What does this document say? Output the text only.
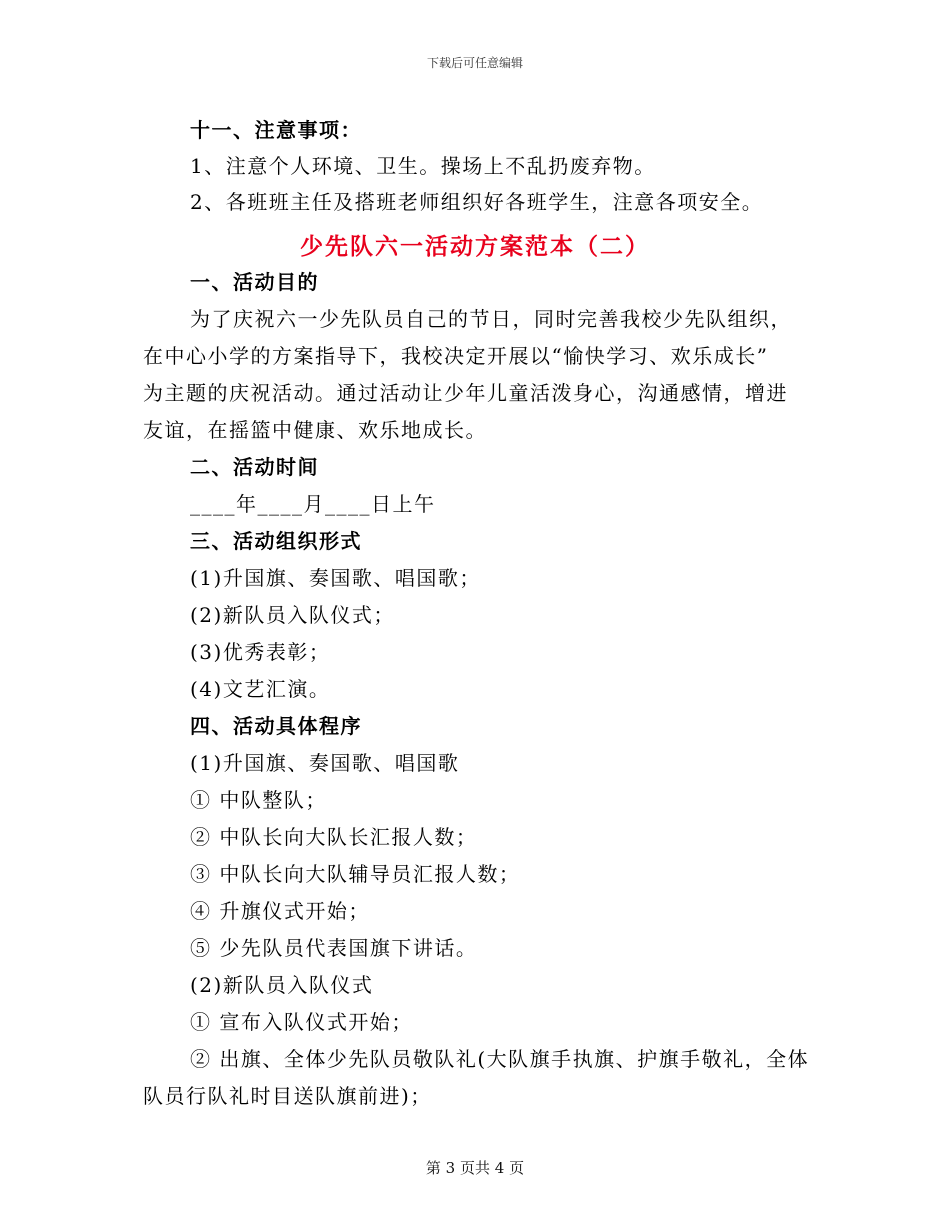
下载后可任意编辑
十一、注意事项：
1、注意个人环境、卫生。操场上不乱扔废弃物。
2、各班班主任及搭班老师组织好各班学生，注意各项安全。
少先队六一活动方案范本（二）
一、活动目的
为了庆祝六一少先队员自己的节日，同时完善我校少先队组织，
在中心小学的方案指导下，我校决定开展以“愉快学习、欢乐成长”
为主题的庆祝活动。通过活动让少年儿童活泼身心，沟通感情，增进
友谊，在摇篮中健康、欢乐地成长。
二、活动时间
____年____月____日上午
三、活动组织形式
(1)升国旗、奏国歌、唱国歌；
(2)新队员入队仪式；
(3)优秀表彰；
(4)文艺汇演。
四、活动具体程序
(1)升国旗、奏国歌、唱国歌
① 中队整队；
② 中队长向大队长汇报人数；
③ 中队长向大队辅导员汇报人数；
④ 升旗仪式开始；
⑤ 少先队员代表国旗下讲话。
(2)新队员入队仪式
① 宣布入队仪式开始；
② 出旗、全体少先队员敬队礼(大队旗手执旗、护旗手敬礼，全体
队员行队礼时目送队旗前进)；
第 3 页共 4 页
